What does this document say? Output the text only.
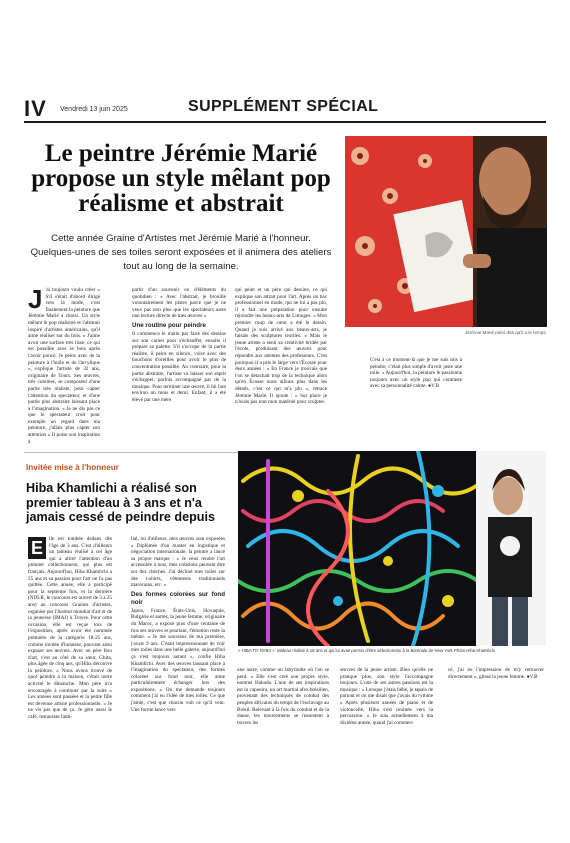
IV Vendredi 13 juin 2025	SUPPLÉMENT SPÉCIAL
Le peintre Jérémie Marié propose un style mêlant pop réalisme et abstrait
Cette année Graine d'Artistes met Jérémie Marié à l'honneur. Quelques-unes de ses toiles seront exposées et il animera des ateliers tout au long de la semaine.
Jérémie Marié peint dès qu'il a le temps.
J 'ai toujours voulu créer » S'il s'était d'abord dirigé vers la mode, c'est finalement la peinture que Jérémie Marié a choisi. Un style mêlant le pop réalisme et l'abstrait inspiré d'artistes américains, qu'il aime réaliser sur du bois. « J'aime avoir une surface très lisse, ce qui est possible avec le bois après l'avoir poncé. Je peins avec de la peinture à l'huile et de l'acrylique », explique l'artiste de 32 ans, originaire de Tours. Ses œuvres, très colorées, se composent d'une partie très réaliste, pour capter l'attention du spectateur, et d'une partie plus abstraite laissant place à l'imagination. « Je ne dis pas ce que le spectateur croit pour exemple un regard dans ma peinture, j'allais plus capter son attention » Il puise son inspiration à

partir d'un souvenir ou d'éléments du quotidien : « Avec l'abstrait, je brouille volontairement les pistes parce que je ne veux pas non plus que les spectateurs aient une lecture directe de mes œuvres »

Une routine pour peindre

Il commence le matin par faire des dessins sur son carnet pour s'échauffer, ensuite il prépare sa palette. S'il s'occupe de la partie réaliste, il peint en silence, voire avec des bouchons d'oreilles pour avoir le plus de concentration possible. Au contraire, pour la partie abstraite, l'artiste va laisser son esprit s'échapper, parfois accompagné par de la musique. Pour terminer une œuvre, il lui faut environ un mois et demi. Enfant, il a été élevé par une mère

qui peint et un père qui dessine, ce qui explique son attrait pour l'art. Après un bac professionnel en mode, qui ne lui a pas plu, il a fait une préparation pour ensuite rejoindre les beaux-arts de Limoges. « Mon premier coup de cœur a été le dessin. Quand je suis arrivé aux beaux-arts, je faisais des sculptures textiles. » Mais le jeune artiste a senti sa créativité bridée par l'école, produisant des œuvres pour répondre aux attentes des professeurs. C'est pourquoi il a pris le large vers l'Écosse pour deux années : « En France je trouvais que l'on se détachait trop de la technique alors qu'en Écosse nous allions plus dans les détails, c'est ce qui m'a plu », retrace Jérémie Marié. Il ajoute : « Sur place je n'avais pas tout mon matériel pour sculpter.

C'est à ce moment-là que je me suis mis à peindre, c'était plus simple d'avoir juste une toile. » Aujourd'hui, la peinture le passionne toujours avec un style pop qui contraste avec sa personnalité calme. ●V.B

Invitée mise à l'honneur
Hiba Khamlichi a réalisé son premier tableau à 3 ans et n'a jamais cessé de peindre depuis
« HIBA TO NYBA », tableau réalisé à 18 ans et qui lui avait permis d'être sélectionnée à la Biennale de New York Photo Hiba Khamlichi
E	lle est tombée dedans dès l'âge de 3 ans. C'est d'ailleurs un tableau réalisé à cet âge qui a attiré l'attention d'un premier collectionneur, qui plus est français. Aujourd'hui, Hiba Khamlichi a 25 ans et sa passion pour l'art ne l'a pas quittée. Cette année, elle a participé pour la septième fois, et la dernière (NDLR, le concours est ouvert de 3 à 25 ans) au concours Graines d'artistes, organisé par l'Institut mondial d'art et de la jeunesse (IMAJ) à Troyes. Pour cette occasion, elle est reçue lors de l'exposition, après avoir été nommée première de la catégorie 18-25 ans, comme invitée d'honneur, pouvant ainsi exposer ses œuvres. Avec un père féru d'art, c'est au côté de sa sœur, Ghita, plus âgée de cinq ans, qu'Hiba découvre la peinture. « Nous avons trouvé de quoi peindre à la maison, c'était notre activité le dimanche. Mon père m'a encouragée à continuer par la suite » Les années sont passées et la petite fille est devenue artiste professionnelle. « Je ne vis pas que de ça. Je gère aussi le café, restaurant fami-

lial, où d'ailleurs, mes œuvres sont exposées » Diplômée d'un master en logistique et négociation internationale, la peintre a lancé sa propre marque : « Je veux rendre l'art accessible à tous, mes créations peuvent être sur des chèches. J'ai décliné mes toiles sur des t-shirts, vêtements traditionnels marocains, etc. »

Des formes colorées sur fond noir

Japon, France, États-Unis, Slovaquie, Bulgarie et autres, la jeune femme, originaire du Maroc, a exposé plus d'une centaine de fois ses œuvres et pourtant, l'émotion reste la même. « Je me souviens de ma première, j'avais 9 ans. C'était impressionnant de voir mes toiles dans une belle galerie, aujourd'hui ça s'est toujours autant », confie Hiba Khamlichi. Avec des œuvres laissant place à l'imagination du spectateur, des formes colorées sur fond noir, elle aime particulièrement échanger lors des expositions. « On me demande toujours comment j'ai eu l'idée de mes toiles. Ce que j'aime, c'est que chacun voit ce qu'il veut. Une forme lance vers

une autre, comme un labyrinthe où l'on se perd. » Elle s'est créé son propre style, nommé Habada. L'une de ses inspirations est la capoeira, un art martial afro-brésilien, provenant des techniques de combat des peuples africains du temps de l'esclavage au Brésil. Relevant à la fois du combat et de la danse, les mouvements se ressentent à travers les

œuvres de la jeune artiste. Bien qu'elle ne pratique plus, son style l'accompagne toujours. L'une de ses autres passions est la musique : « Lorsque j'étais bébé, je tapais de partout et on me disait que j'avais du rythme » Après plusieurs années de piano et de violoncelle, Hiba s'est tournée vers la percussion. « Je suis actuellement à ma dixième année, quand j'ai commen-

cé, j'ai eu l'impression de m'y retrouver directement », glisse la jeune femme. ●V.B
